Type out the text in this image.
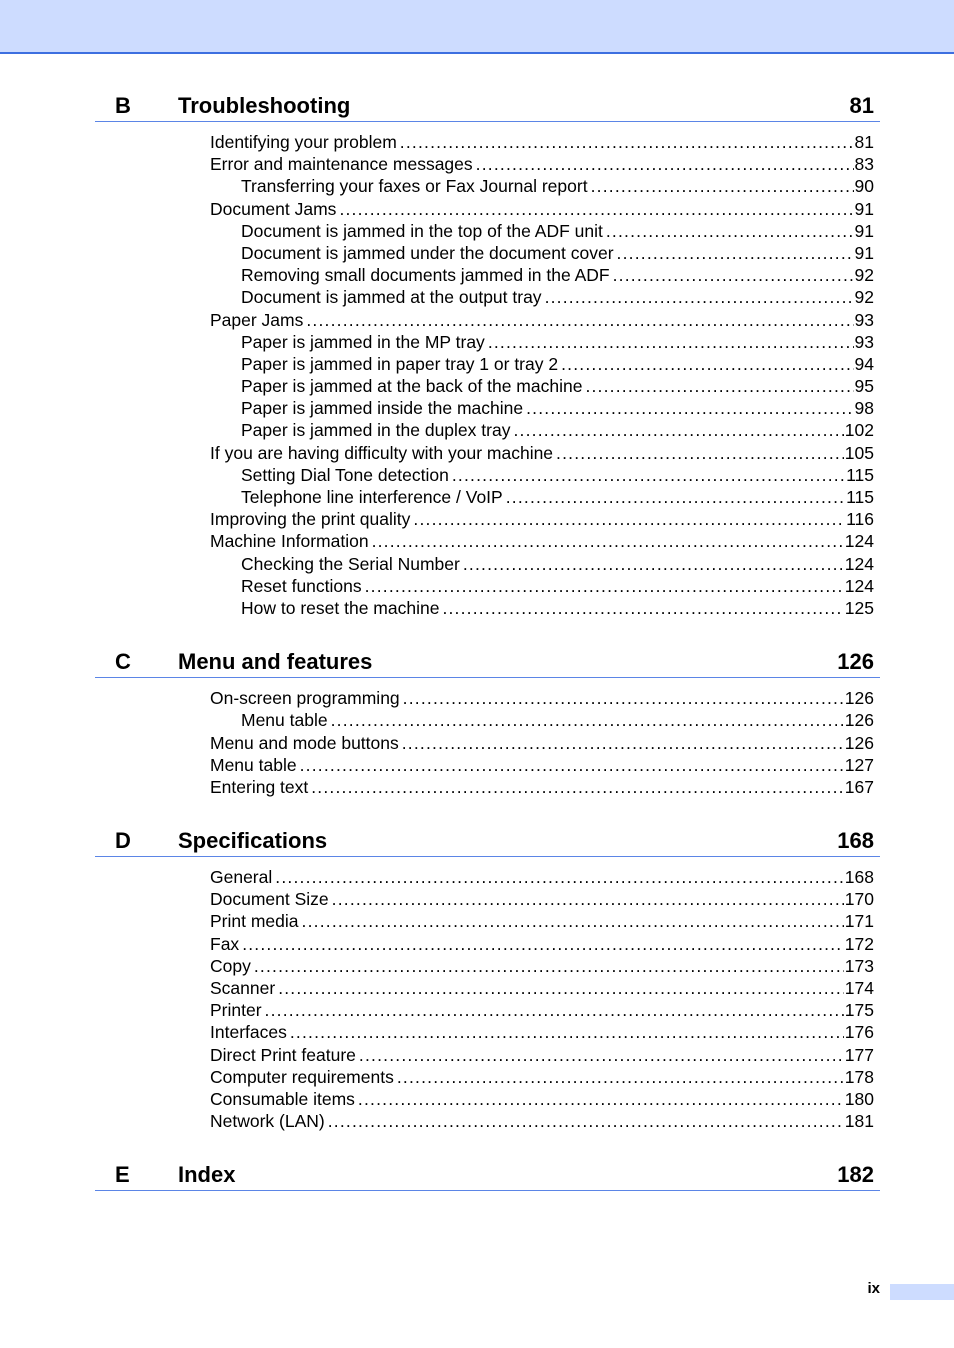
B	Troubleshooting	81
Identifying your problem .....	81
Error and maintenance messages .....	83
Transferring your faxes or Fax Journal report .....	90
Document Jams .....	91
Document is jammed in the top of the ADF unit .....	91
Document is jammed under the document cover .....	91
Removing small documents jammed in the ADF .....	92
Document is jammed at the output tray .....	92
Paper Jams .....	93
Paper is jammed in the MP tray .....	93
Paper is jammed in paper tray 1 or tray 2 .....	94
Paper is jammed at the back of the machine .....	95
Paper is jammed inside the machine .....	98
Paper is jammed in the duplex tray .....	102
If you are having difficulty with your machine .....	105
Setting Dial Tone detection .....	115
Telephone line interference / VoIP .....	115
Improving the print quality .....	116
Machine Information .....	124
Checking the Serial Number .....	124
Reset functions .....	124
How to reset the machine .....	125
C	Menu and features	126
On-screen programming .....	126
Menu table .....	126
Menu and mode buttons .....	126
Menu table .....	127
Entering text .....	167
D	Specifications	168
General .....	168
Document Size .....	170
Print media .....	171
Fax .....	172
Copy .....	173
Scanner .....	174
Printer .....	175
Interfaces .....	176
Direct Print feature .....	177
Computer requirements .....	178
Consumable items .....	180
Network (LAN) .....	181
E	Index	182
ix
